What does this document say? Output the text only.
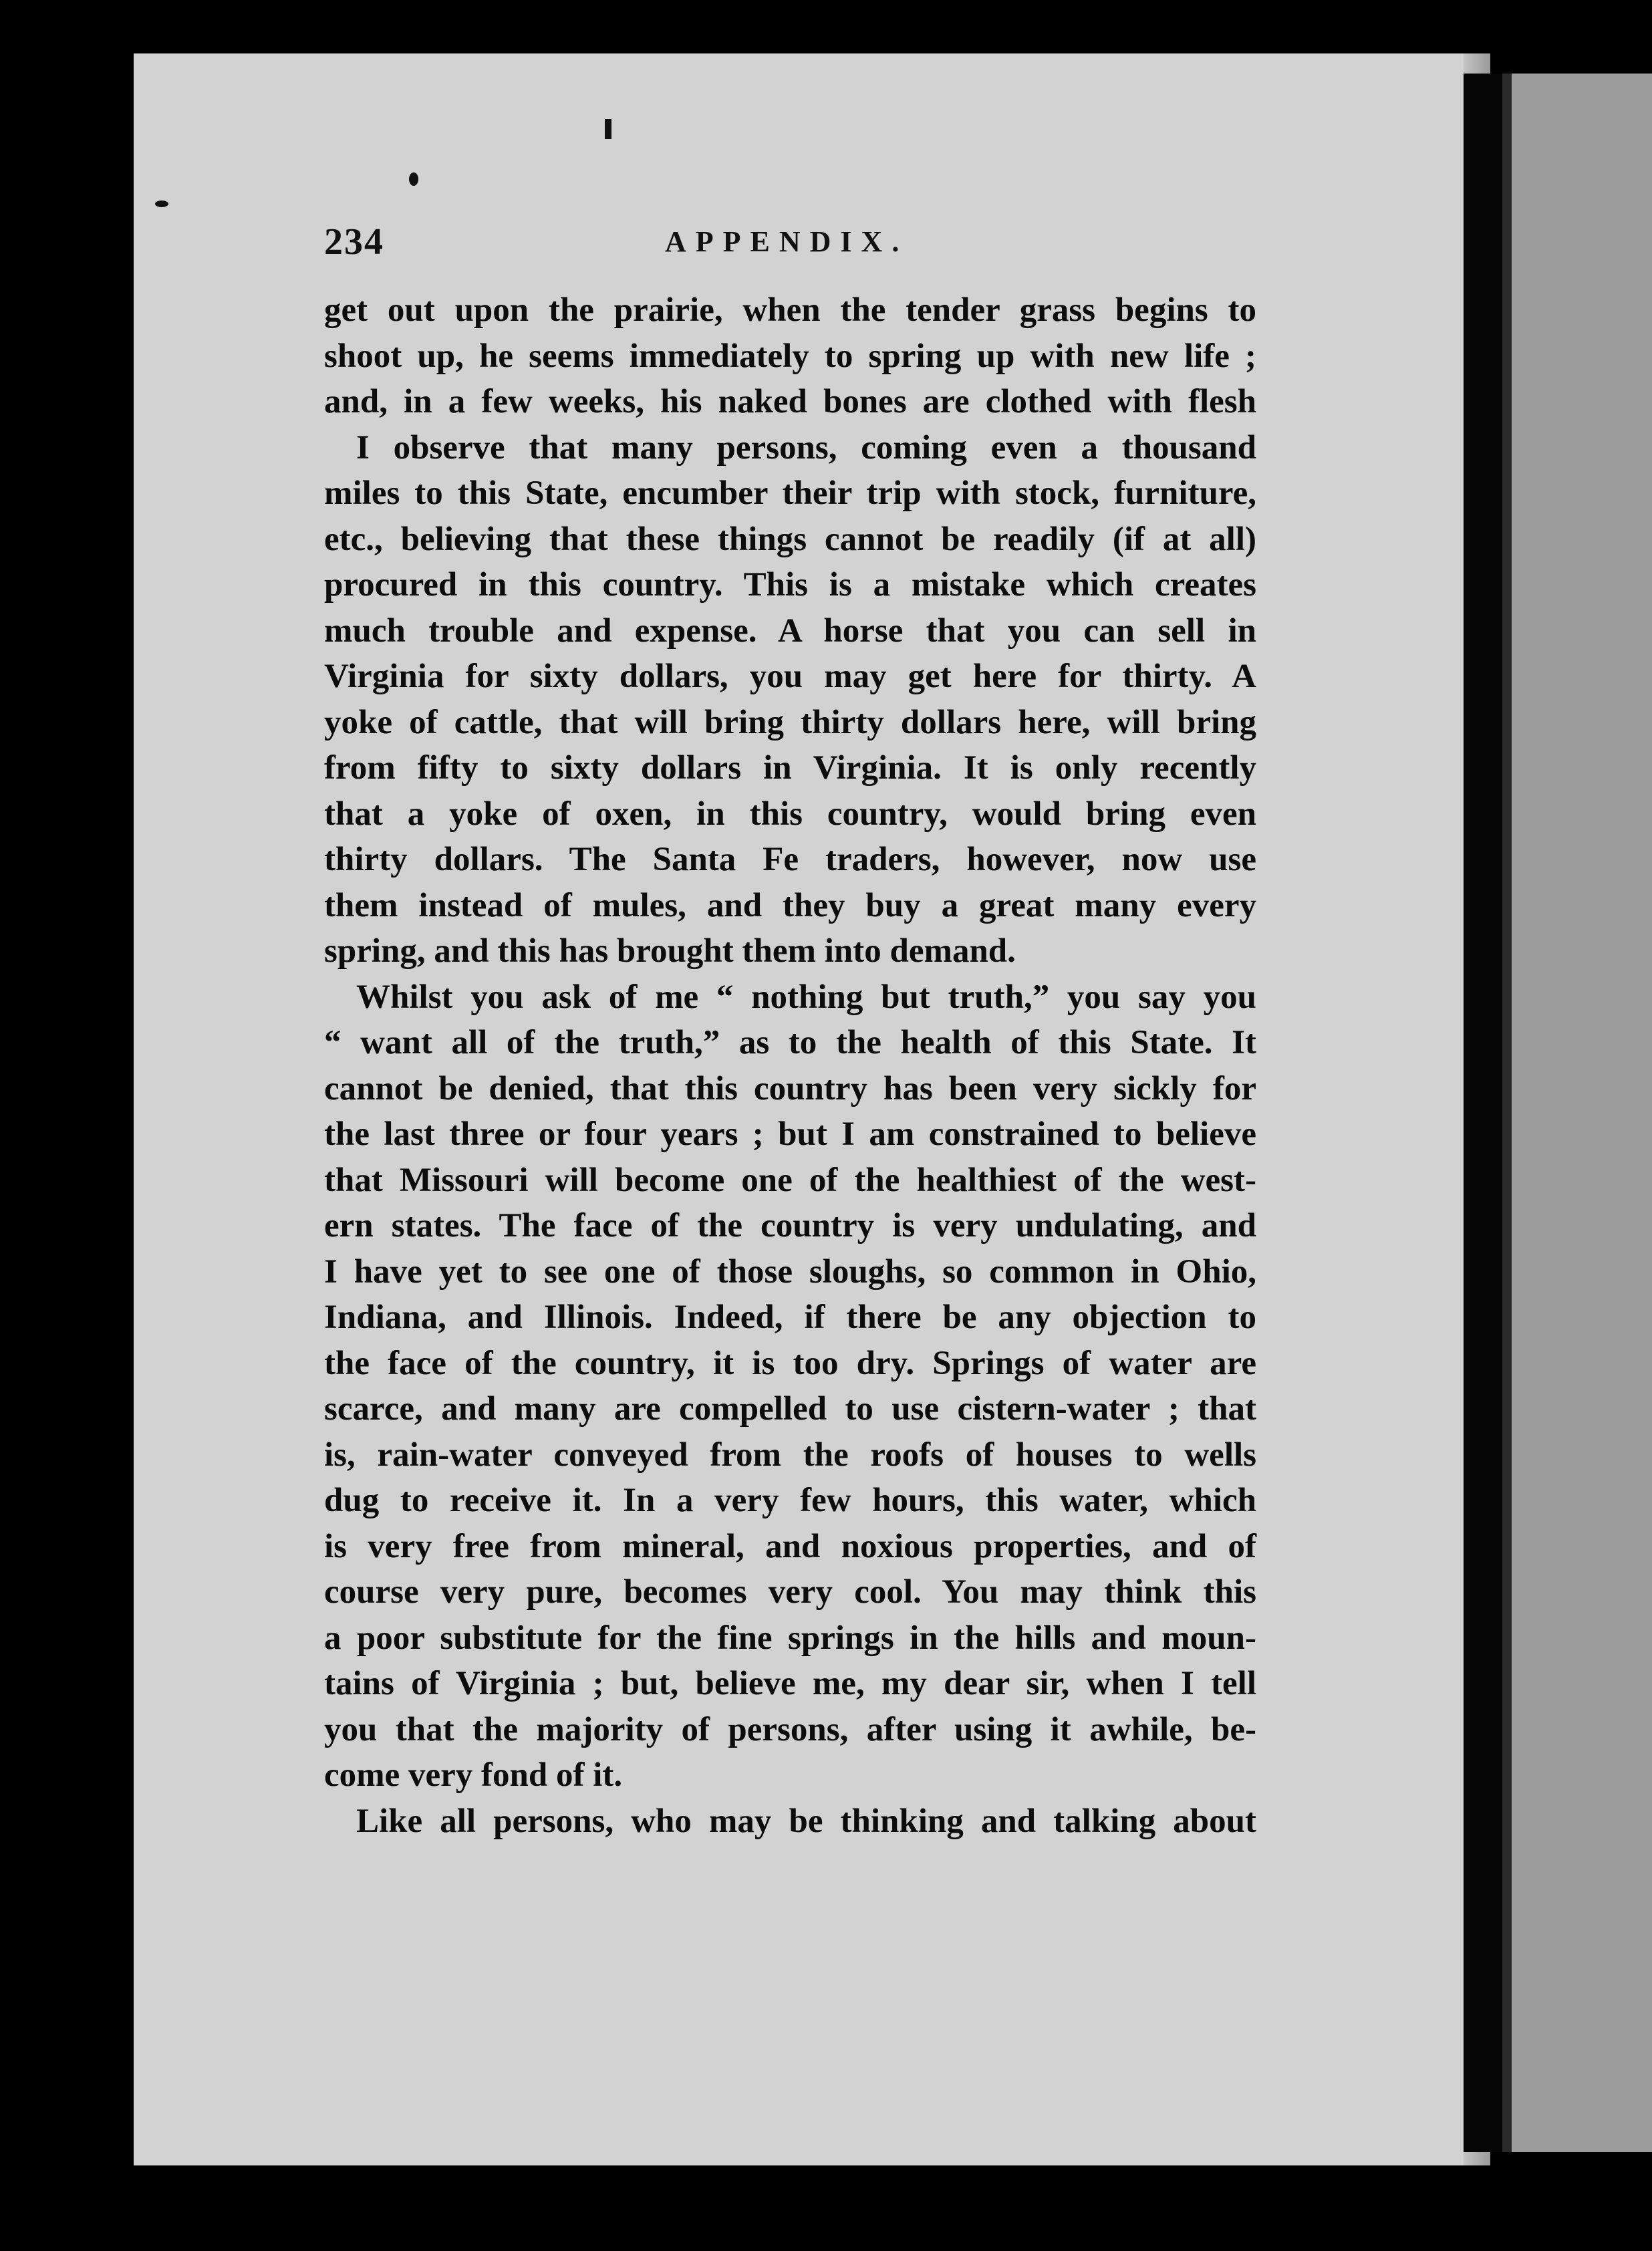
234	APPENDIX.
get out upon the prairie, when the tender grass begins to
shoot up, he seems immediately to spring up with new life ;
and, in a few weeks, his naked bones are clothed with flesh
I observe that many persons, coming even a thousand
miles to this State, encumber their trip with stock, furniture,
etc., believing that these things cannot be readily (if at all)
procured in this country. This is a mistake which creates
much trouble and expense. A horse that you can sell in
Virginia for sixty dollars, you may get here for thirty. A
yoke of cattle, that will bring thirty dollars here, will bring
from fifty to sixty dollars in Virginia. It is only recently
that a yoke of oxen, in this country, would bring even
thirty dollars. The Santa Fe traders, however, now use
them instead of mules, and they buy a great many every
spring, and this has brought them into demand.
Whilst you ask of me “ nothing but truth,” you say you
“ want all of the truth,” as to the health of this State. It
cannot be denied, that this country has been very sickly for
the last three or four years ; but I am constrained to believe
that Missouri will become one of the healthiest of the west-
ern states. The face of the country is very undulating, and
I have yet to see one of those sloughs, so common in Ohio,
Indiana, and Illinois. Indeed, if there be any objection to
the face of the country, it is too dry. Springs of water are
scarce, and many are compelled to use cistern-water ; that
is, rain-water conveyed from the roofs of houses to wells
dug to receive it. In a very few hours, this water, which
is very free from mineral, and noxious properties, and of
course very pure, becomes very cool. You may think this
a poor substitute for the fine springs in the hills and moun-
tains of Virginia ; but, believe me, my dear sir, when I tell
you that the majority of persons, after using it awhile, be-
come very fond of it.
Like all persons, who may be thinking and talking about
